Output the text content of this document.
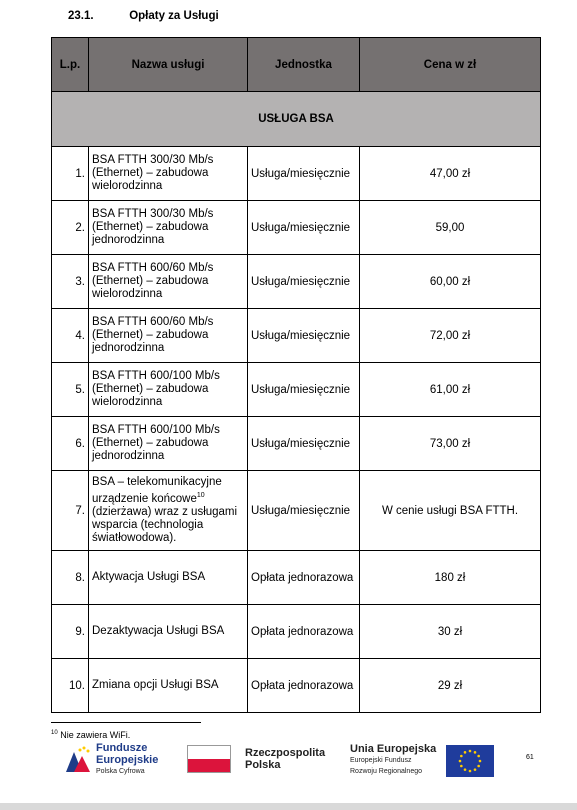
23.1.	Opłaty za Usługi
L.p.	Nazwa usługi	Jednostka	Cena w zł
USŁUGA BSA			
1.	BSA FTTH 300/30 Mb/s
(Ethernet) – zabudowa
wielorodzinna	Usługa/miesięcznie	47,00 zł
2.	BSA FTTH 300/30 Mb/s
(Ethernet) – zabudowa
jednorodzinna	Usługa/miesięcznie	59,00
3.	BSA FTTH 600/60 Mb/s
(Ethernet) – zabudowa
wielorodzinna	Usługa/miesięcznie	60,00 zł
4.	BSA FTTH 600/60 Mb/s
(Ethernet) – zabudowa
jednorodzinna	Usługa/miesięcznie	72,00 zł
5.	BSA FTTH 600/100 Mb/s
(Ethernet) – zabudowa
wielorodzinna	Usługa/miesięcznie	61,00 zł
6.	BSA FTTH 600/100 Mb/s
(Ethernet) – zabudowa
jednorodzinna	Usługa/miesięcznie	73,00 zł
7.	BSA – telekomunikacyjne
urządzenie końcowe$^{10}$
(dzierżawa) wraz z usługami
wsparcia (technologia
światłowodowa).	Usługa/miesięcznie	W cenie usługi BSA FTTH.
8.	Aktywacja Usługi BSA	Opłata jednorazowa	180 zł
9.	Dezaktywacja Usługi BSA	Opłata jednorazowa	30 zł
10.	Zmiana opcji Usługi BSA	Opłata jednorazowa	29 zł
$^{10}$ Nie zawiera WiFi.
Fundusze
Europejskie
Polska Cyfrowa
Rzeczpospolita
Polska
Unia Europejska
Europejski Fundusz
Rozwoju Regionalnego
61
